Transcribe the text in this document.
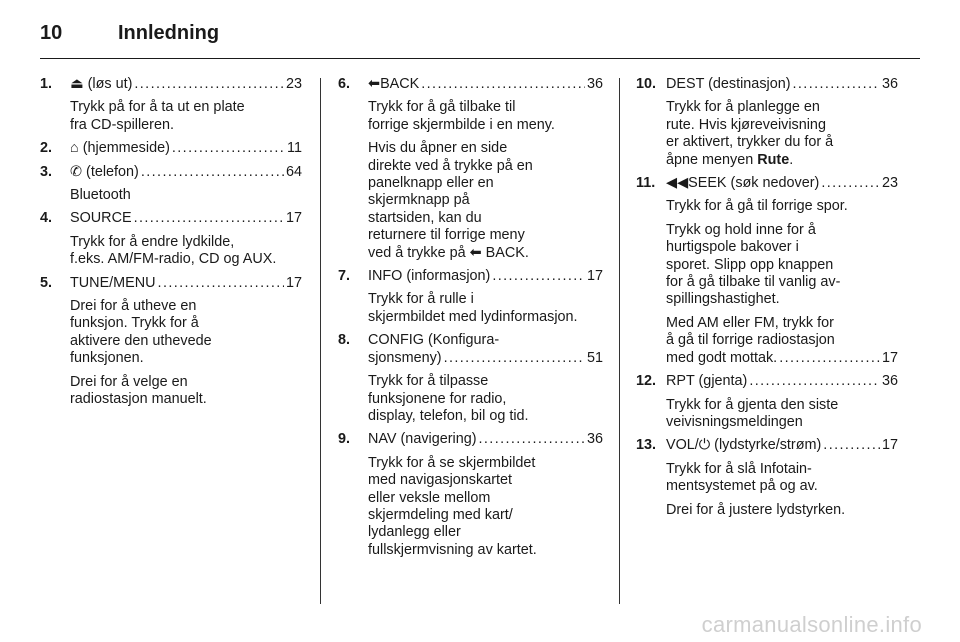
10	Innledning
1.	⏏ (løs ut) . . .	23

Trykk på for å ta ut en plate
fra CD-spilleren.

2.	⌂ (hjemmeside) . . .	11
3.	✆ (telefon) . . .	64

Bluetooth

4.	SOURCE . . .	17

Trykk for å endre lydkilde,
f.eks. AM/FM-radio, CD og AUX.

5.	TUNE/MENU . . .	17

Drei for å utheve en
funksjon. Trykk for å
aktivere den uthevede
funksjonen.

Drei for å velge en
radiostasjon manuelt.

6.	⬅BACK . . .	36

Trykk for å gå tilbake til
forrige skjermbilde i en meny.

Hvis du åpner en side
direkte ved å trykke på en
panelknapp eller en
skjermknapp på
startsiden, kan du
returnere til forrige meny
ved å trykke på ⬅ BACK.

7.	INFO (informasjon) . . .	17

Trykk for å rulle i
skjermbildet med lydinformasjon.

8.	CONFIG (Konfigura-
sjonsmeny) . . .	51

Trykk for å tilpasse
funksjonene for radio,
display, telefon, bil og tid.

9.	NAV (navigering) . . .	36

Trykk for å se skjermbildet
med navigasjonskartet
eller veksle mellom
skjermdeling med kart/
lydanlegg eller
fullskjermvisning av kartet.

10. DEST (destinasjon) . . .	36

Trykk for å planlegge en
rute. Hvis kjøreveivisning
er aktivert, trykker du for å
åpne menyen Rute.

11. ◀◀SEEK (søk nedover) . . .	23

Trykk for å gå til forrige spor.

Trykk og hold inne for å
hurtigspole bakover i
sporet. Slipp opp knappen
for å gå tilbake til vanlig av-
spillingshastighet.

Med AM eller FM, trykk for
å gå til forrige radiostasjon

med godt mottak. . . .	17

12. RPT (gjenta) . . .	36

Trykk for å gjenta den siste
veivisningsmeldingen

13. VOL/⏻ (lydstyrke/strøm) . . .	17

Trykk for å slå Infotain-
mentsystemet på og av.

Drei for å justere lydstyrken.

carmanualsonline.info
